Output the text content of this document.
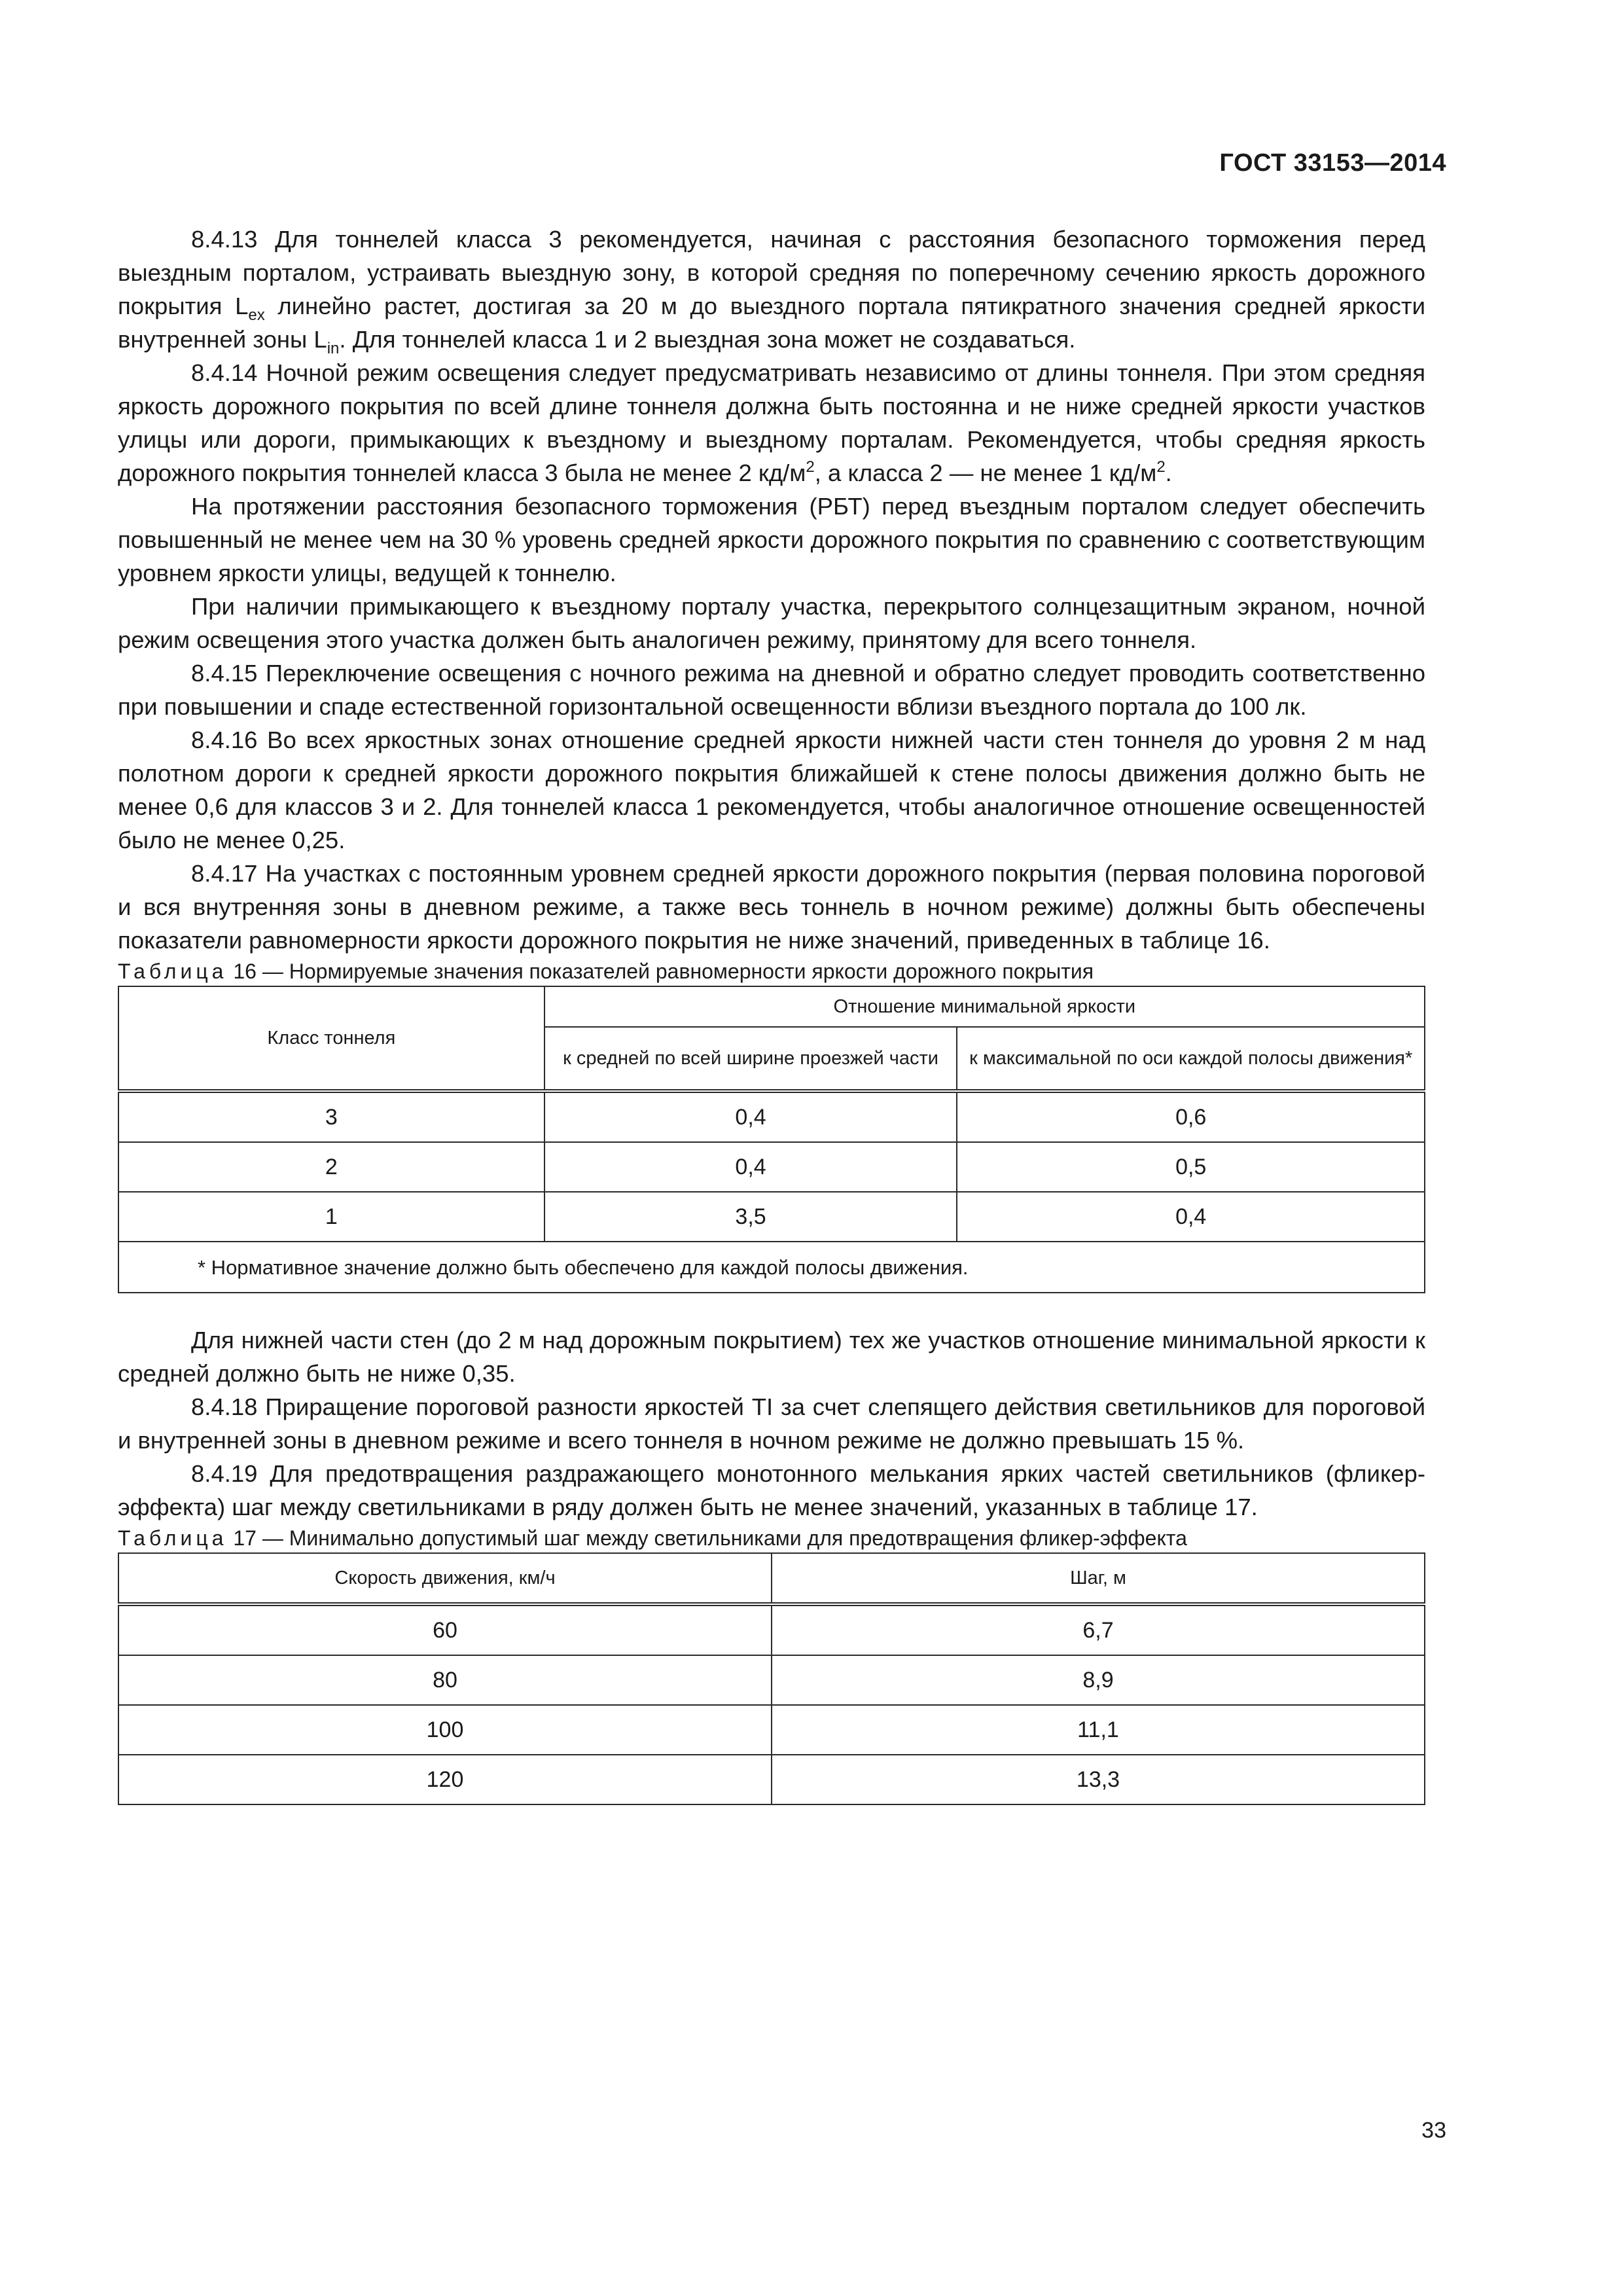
ГОСТ 33153—2014

8.4.13 Для тоннелей класса 3 рекомендуется, начиная с расстояния безопасного торможения перед выездным порталом, устраивать выездную зону, в которой средняя по поперечному сечению яркость дорожного покрытия $L_{ex}$ линейно растет, достигая за 20 м до выездного портала пятикратного значения средней яркости внутренней зоны $L_{in}$. Для тоннелей класса 1 и 2 выездная зона может не создаваться.

8.4.14 Ночной режим освещения следует предусматривать независимо от длины тоннеля. При этом средняя яркость дорожного покрытия по всей длине тоннеля должна быть постоянна и не ниже средней яркости участков улицы или дороги, примыкающих к въездному и выездному порталам. Рекомендуется, чтобы средняя яркость дорожного покрытия тоннелей класса 3 была не менее 2 $кд/м^2$, а класса 2 — не менее 1 $кд/м^2$.

На протяжении расстояния безопасного торможения (РБТ) перед въездным порталом следует обеспечить повышенный не менее чем на 30 % уровень средней яркости дорожного покрытия по сравнению с соответствующим уровнем яркости улицы, ведущей к тоннелю.

При наличии примыкающего к въездному порталу участка, перекрытого солнцезащитным экраном, ночной режим освещения этого участка должен быть аналогичен режиму, принятому для всего тоннеля.

8.4.15 Переключение освещения с ночного режима на дневной и обратно следует проводить соответственно при повышении и спаде естественной горизонтальной освещенности вблизи въездного портала до 100 лк.

8.4.16 Во всех яркостных зонах отношение средней яркости нижней части стен тоннеля до уровня 2 м над полотном дороги к средней яркости дорожного покрытия ближайшей к стене полосы движения должно быть не менее 0,6 для классов 3 и 2. Для тоннелей класса 1 рекомендуется, чтобы аналогичное отношение освещенностей было не менее 0,25.

8.4.17 На участках с постоянным уровнем средней яркости дорожного покрытия (первая половина пороговой и вся внутренняя зоны в дневном режиме, а также весь тоннель в ночном режиме) должны быть обеспечены показатели равномерности яркости дорожного покрытия не ниже значений, приведенных в таблице 16.

Таблица 16 — Нормируемые значения показателей равномерности яркости дорожного покрытия

Класс тоннеля	Отношение минимальной яркости	
	к средней по всей ширине проезжей части	к максимальной по оси каждой полосы движения*
3	0,4	0,6
2	0,4	0,5
1	3,5	0,4
* Нормативное значение должно быть обеспечено для каждой полосы движения.		

Для нижней части стен (до 2 м над дорожным покрытием) тех же участков отношение минимальной яркости к средней должно быть не ниже 0,35.

8.4.18 Приращение пороговой разности яркостей TI за счет слепящего действия светильников для пороговой и внутренней зоны в дневном режиме и всего тоннеля в ночном режиме не должно превышать 15 %.

8.4.19 Для предотвращения раздражающего монотонного мелькания ярких частей светильников (фликер-эффекта) шаг между светильниками в ряду должен быть не менее значений, указанных в таблице 17.

Таблица 17 — Минимально допустимый шаг между светильниками для предотвращения фликер-эффекта

Скорость движения, км/ч	Шаг, м
60	6,7
80	8,9
100	11,1
120	13,3
33
